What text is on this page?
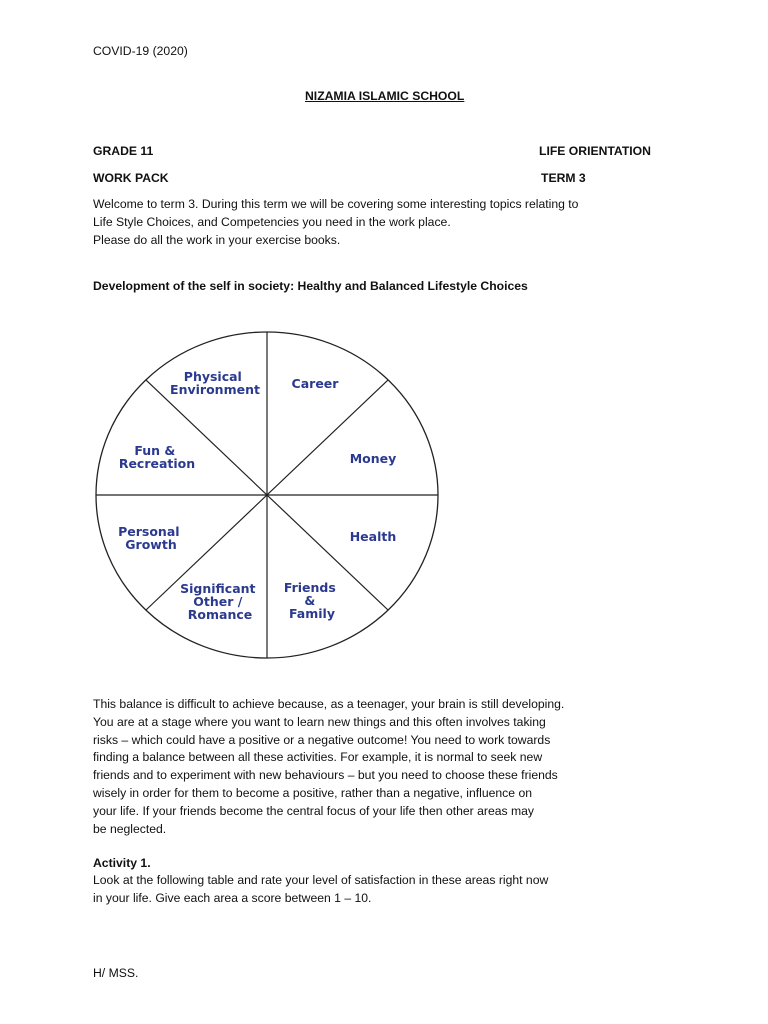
COVID-19 (2020)
NIZAMIA ISLAMIC SCHOOL
GRADE 11	LIFE ORIENTATION
WORK PACK	TERM 3
Welcome to term 3. During this term we will be covering some interesting topics relating to
Life Style Choices, and Competencies you need in the work place.
Please do all the work in your exercise books.
Development of the self in society: Healthy and Balanced Lifestyle Choices
Career
Money
Health
Friends & Family
Significant Other / Romance
Personal Growth
Fun & Recreation
Physical Environment
This balance is difficult to achieve because, as a teenager, your brain is still developing.
You are at a stage where you want to learn new things and this often involves taking
risks – which could have a positive or a negative outcome! You need to work towards
finding a balance between all these activities. For example, it is normal to seek new
friends and to experiment with new behaviours – but you need to choose these friends
wisely in order for them to become a positive, rather than a negative, influence on
your life. If your friends become the central focus of your life then other areas may
be neglected.
Activity 1.
Look at the following table and rate your level of satisfaction in these areas right now
in your life. Give each area a score between 1 – 10.
H/ MSS.
